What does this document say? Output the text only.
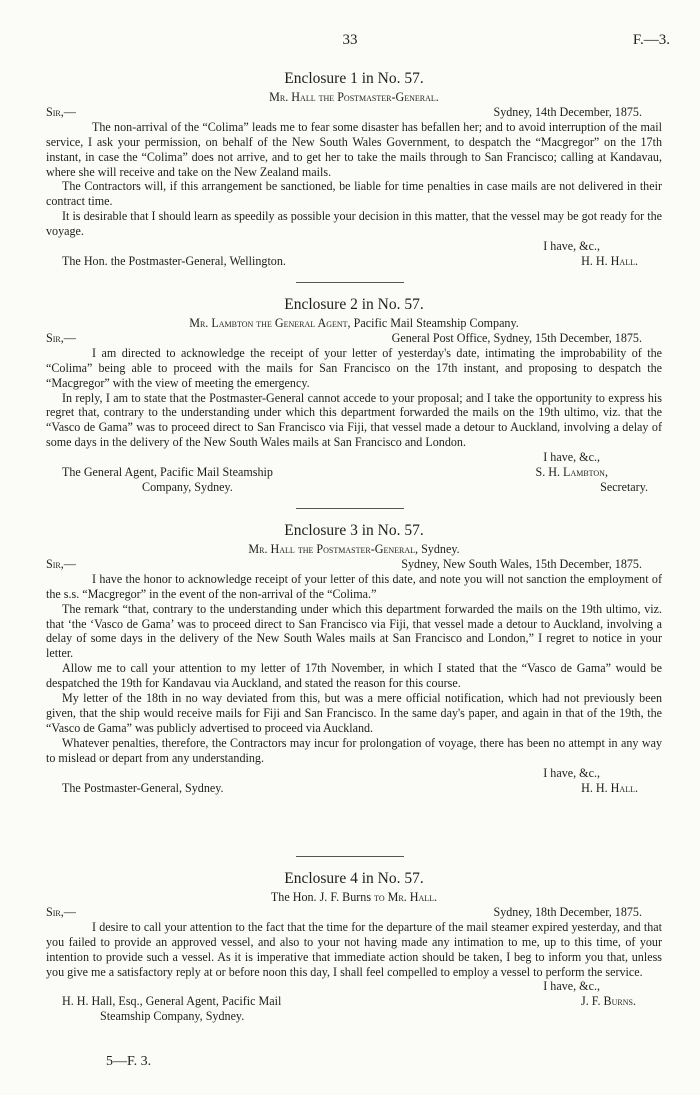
33	F.—3.
Enclosure 1 in No. 57.
Mr. Hall the Postmaster-General.
Sir,—	Sydney, 14th December, 1875.

The non-arrival of the “Colima” leads me to fear some disaster has befallen her; and to avoid interruption of the mail service, I ask your permission, on behalf of the New South Wales Government, to despatch the “Macgregor” on the 17th instant, in case the “Colima” does not arrive, and to get her to take the mails through to San Francisco; calling at Kandavau, where she will receive and take on the New Zealand mails.

The Contractors will, if this arrangement be sanctioned, be liable for time penalties in case mails are not delivered in their contract time.

It is desirable that I should learn as speedily as possible your decision in this matter, that the vessel may be got ready for the voyage.

I have, &c.,
The Hon. the Postmaster-General, Wellington.	H. H. Hall.
Enclosure 2 in No. 57.
Mr. Lambton the General Agent, Pacific Mail Steamship Company.
Sir,—	General Post Office, Sydney, 15th December, 1875.

I am directed to acknowledge the receipt of your letter of yesterday's date, intimating the improbability of the “Colima” being able to proceed with the mails for San Francisco on the 17th instant, and proposing to despatch the “Macgregor” with the view of meeting the emergency.

In reply, I am to state that the Postmaster-General cannot accede to your proposal; and I take the opportunity to express his regret that, contrary to the understanding under which this department forwarded the mails on the 19th ultimo, viz. that the “Vasco de Gama” was to proceed direct to San Francisco via Fiji, that vessel made a detour to Auckland, involving a delay of some days in the delivery of the New South Wales mails at San Francisco and London.

I have, &c.,
The General Agent, Pacific Mail Steamship
Company, Sydney.
S. H. Lambton,
Secretary.
Enclosure 3 in No. 57.
Mr. Hall the Postmaster-General, Sydney.
Sir,—	Sydney, New South Wales, 15th December, 1875.

I have the honor to acknowledge receipt of your letter of this date, and note you will not sanction the employment of the s.s. “Macgregor” in the event of the non-arrival of the “Colima.”

The remark “that, contrary to the understanding under which this department forwarded the mails on the 19th ultimo, viz. that ‘the ‘Vasco de Gama’ was to proceed direct to San Francisco via Fiji, that vessel made a detour to Auckland, involving a delay of some days in the delivery of the New South Wales mails at San Francisco and London,” I regret to notice in your letter.

Allow me to call your attention to my letter of 17th November, in which I stated that the “Vasco de Gama” would be despatched the 19th for Kandavau via Auckland, and stated the reason for this course.

My letter of the 18th in no way deviated from this, but was a mere official notification, which had not previously been given, that the ship would receive mails for Fiji and San Francisco. In the same day's paper, and again in that of the 19th, the “Vasco de Gama” was publicly advertised to proceed via Auckland.

Whatever penalties, therefore, the Contractors may incur for prolongation of voyage, there has been no attempt in any way to mislead or depart from any understanding.

I have, &c.,
The Postmaster-General, Sydney.	H. H. Hall.
Enclosure 4 in No. 57.
The Hon. J. F. Burns to Mr. Hall.
Sir,—	Sydney, 18th December, 1875.

I desire to call your attention to the fact that the time for the departure of the mail steamer expired yesterday, and that you failed to provide an approved vessel, and also to your not having made any intimation to me, up to this time, of your intention to provide such a vessel. As it is imperative that immediate action should be taken, I beg to inform you that, unless you give me a satisfactory reply at or before noon this day, I shall feel compelled to employ a vessel to perform the service.

I have, &c.,
H. H. Hall, Esq., General Agent, Pacific Mail
Steamship Company, Sydney.
J. F. Burns.
5—F. 3.
